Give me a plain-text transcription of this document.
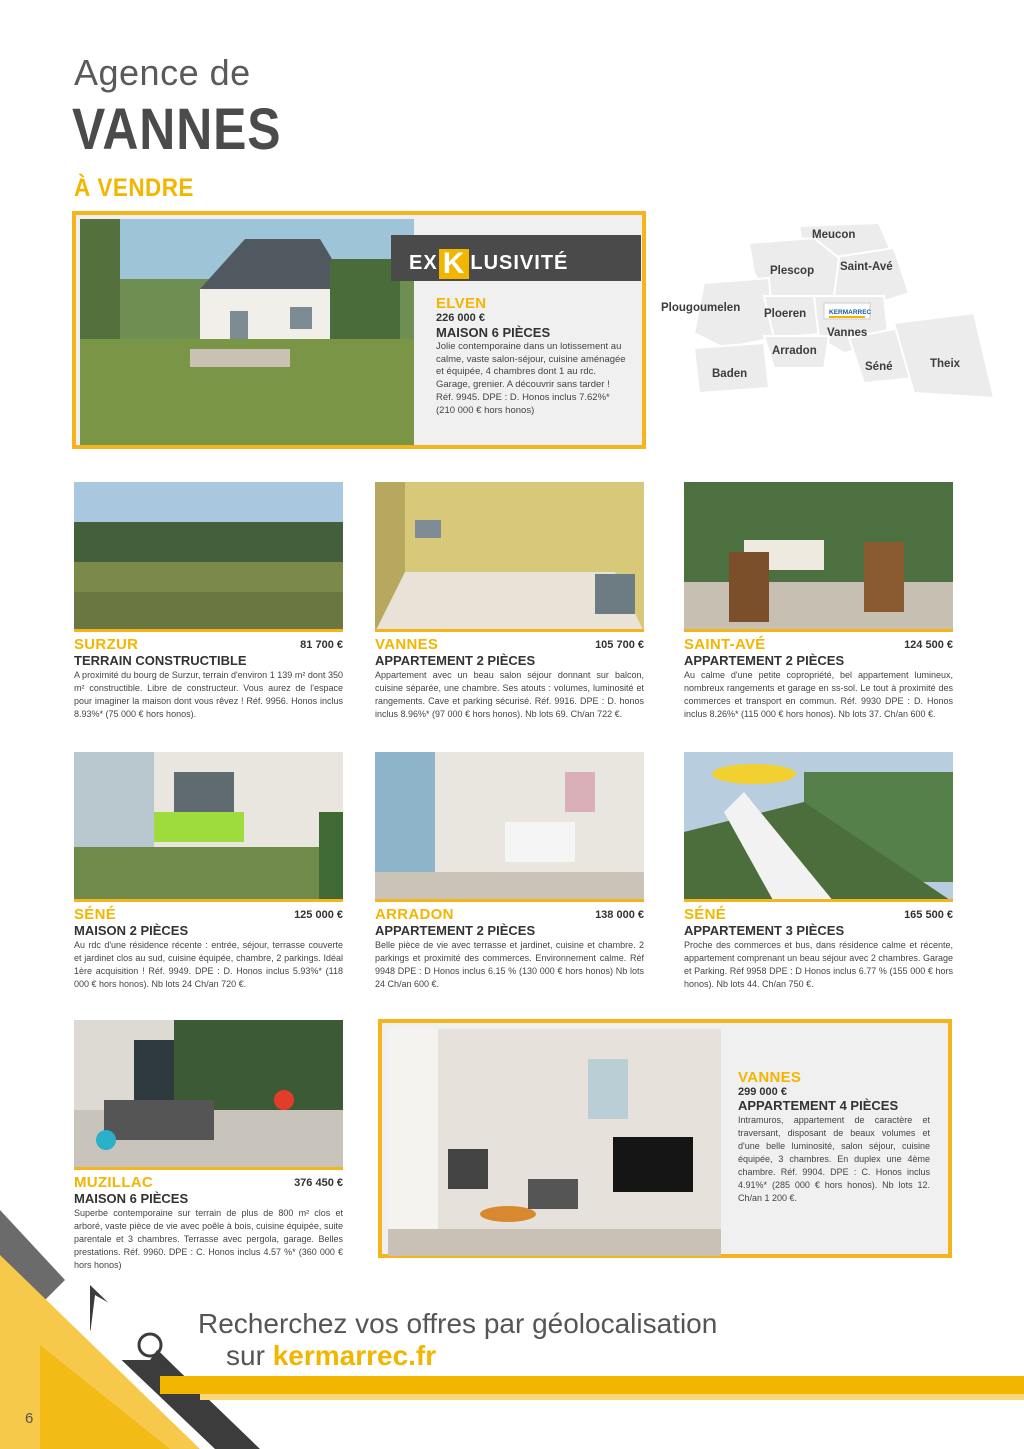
Agence de
VANNES
À VENDRE
EX K LUSIVITÉ
ELVEN
226 000 €
MAISON 6 PIÈCES
Jolie contemporaine dans un lotissement au calme, vaste salon-séjour, cuisine aménagée et équipée, 4 chambres dont 1 au rdc. Garage, grenier. A découvrir sans tarder ! Réf. 9945. DPE : D. Honos inclus 7.62%* (210 000 € hors honos)
Meucon
Saint-Avé
Plescop
Plougoumelen Ploeren
Vannes
Arradon
Séné	Theix
Baden
KERMARREC
SURZUR	81 700 €
TERRAIN CONSTRUCTIBLE
A proximité du bourg de Surzur, terrain d'environ 1 139 m² dont 350 m² constructible. Libre de constructeur. Vous aurez de l'espace pour imaginer la maison dont vous rêvez ! Réf. 9956. Honos inclus 8.93%* (75 000 € hors honos).
VANNES	105 700 €
APPARTEMENT 2 PIÈCES
Appartement avec un beau salon séjour donnant sur balcon, cuisine séparée, une chambre. Ses atouts : volumes, luminosité et rangements. Cave et parking sécurisé. Réf. 9916. DPE : D. honos inclus 8.96%* (97 000 € hors honos). Nb lots 69. Ch/an 722 €.
SAINT-AVÉ	124 500 €
APPARTEMENT 2 PIÈCES
Au calme d'une petite copropriété, bel appartement lumineux, nombreux rangements et garage en ss-sol. Le tout à proximité des commerces et transport en commun. Réf. 9930 DPE : D. Honos inclus 8.26%* (115 000 € hors honos). Nb lots 37. Ch/an 600 €.
SÉNÉ	125 000 €
MAISON 2 PIÈCES
Au rdc d'une résidence récente : entrée, séjour, terrasse couverte et jardinet clos au sud, cuisine équipée, chambre, 2 parkings. Idéal 1ère acquisition ! Réf. 9949. DPE : D. Honos inclus 5.93%* (118 000 € hors honos). Nb lots 24 Ch/an 720 €.
ARRADON	138 000 €
APPARTEMENT 2 PIÈCES
Belle pièce de vie avec terrasse et jardinet, cuisine et chambre. 2 parkings et proximité des commerces. Environnement calme. Réf 9948 DPE : D Honos inclus 6.15 % (130 000 € hors honos) Nb lots 24 Ch/an 600 €.
SÉNÉ	165 500 €
APPARTEMENT 3 PIÈCES
Proche des commerces et bus, dans résidence calme et récente, appartement comprenant un beau séjour avec 2 chambres. Garage et Parking. Réf 9958 DPE : D Honos inclus 6.77 % (155 000 € hors honos). Nb lots 44. Ch/an 750 €.
MUZILLAC	376 450 €
MAISON 6 PIÈCES
Superbe contemporaine sur terrain de plus de 800 m² clos et arboré, vaste pièce de vie avec poêle à bois, cuisine équipée, suite parentale et 3 chambres. Terrasse avec pergola, garage. Belles prestations. Réf. 9960. DPE : C. Honos inclus 4.57 %* (360 000 € hors honos)
VANNES
299 000 €
APPARTEMENT 4 PIÈCES
Intramuros, appartement de caractère et traversant, disposant de beaux volumes et d'une belle luminosité, salon séjour, cuisine équipée, 3 chambres. En duplex une 4ème chambre. Réf. 9904. DPE : C. Honos inclus 4.91%* (285 000 € hors honos). Nb lots 12. Ch/an 1 200 €.
Recherchez vos offres par géolocalisation
sur kermarrec.fr
6
